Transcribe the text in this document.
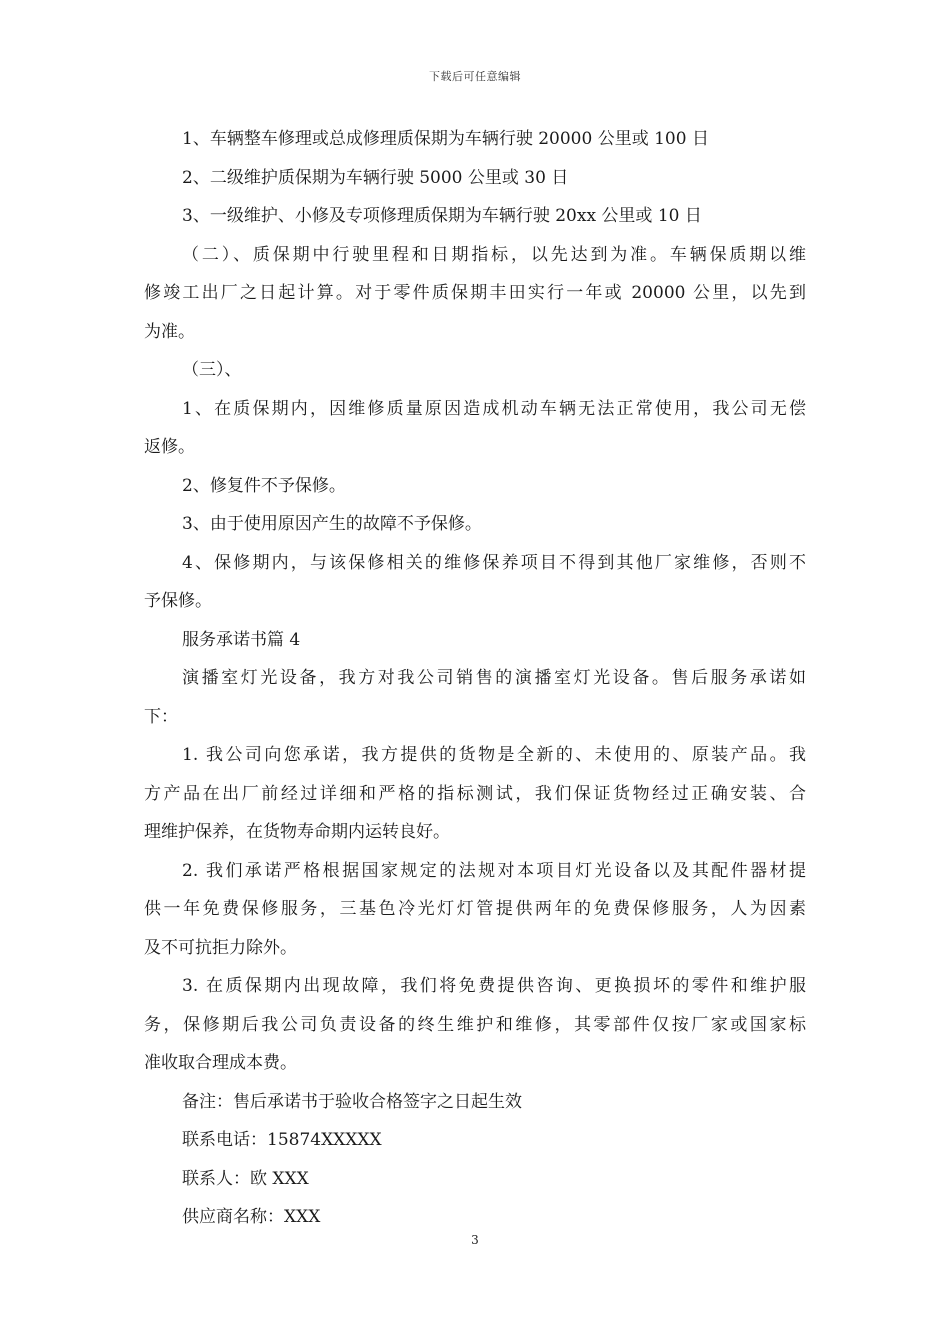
下载后可任意编辑

1、车辆整车修理或总成修理质保期为车辆行驶 20000 公里或 100 日

2、二级维护质保期为车辆行驶 5000 公里或 30 日

3、一级维护、小修及专项修理质保期为车辆行驶 20xx 公里或 10 日

（二）、质保期中行驶里程和日期指标，以先达到为准。车辆保质期以维

修竣工出厂之日起计算。对于零件质保期丰田实行一年或 20000 公里，以先到

为准。

（三）、

1、在质保期内，因维修质量原因造成机动车辆无法正常使用，我公司无偿

返修。

2、修复件不予保修。

3、由于使用原因产生的故障不予保修。

4、保修期内，与该保修相关的维修保养项目不得到其他厂家维修，否则不

予保修。

服务承诺书篇 4

演播室灯光设备，我方对我公司销售的演播室灯光设备。售后服务承诺如

下：

1. 我公司向您承诺，我方提供的货物是全新的、未使用的、原装产品。我

方产品在出厂前经过详细和严格的指标测试，我们保证货物经过正确安装、合

理维护保养，在货物寿命期内运转良好。

2. 我们承诺严格根据国家规定的法规对本项目灯光设备以及其配件器材提

供一年免费保修服务，三基色冷光灯灯管提供两年的免费保修服务，人为因素

及不可抗拒力除外。

3. 在质保期内出现故障，我们将免费提供咨询、更换损坏的零件和维护服

务，保修期后我公司负责设备的终生维护和维修，其零部件仅按厂家或国家标

准收取合理成本费。

备注：售后承诺书于验收合格签字之日起生效

联系电话：15874XXXXX

联系人：欧 XXX

供应商名称：XXX

3
